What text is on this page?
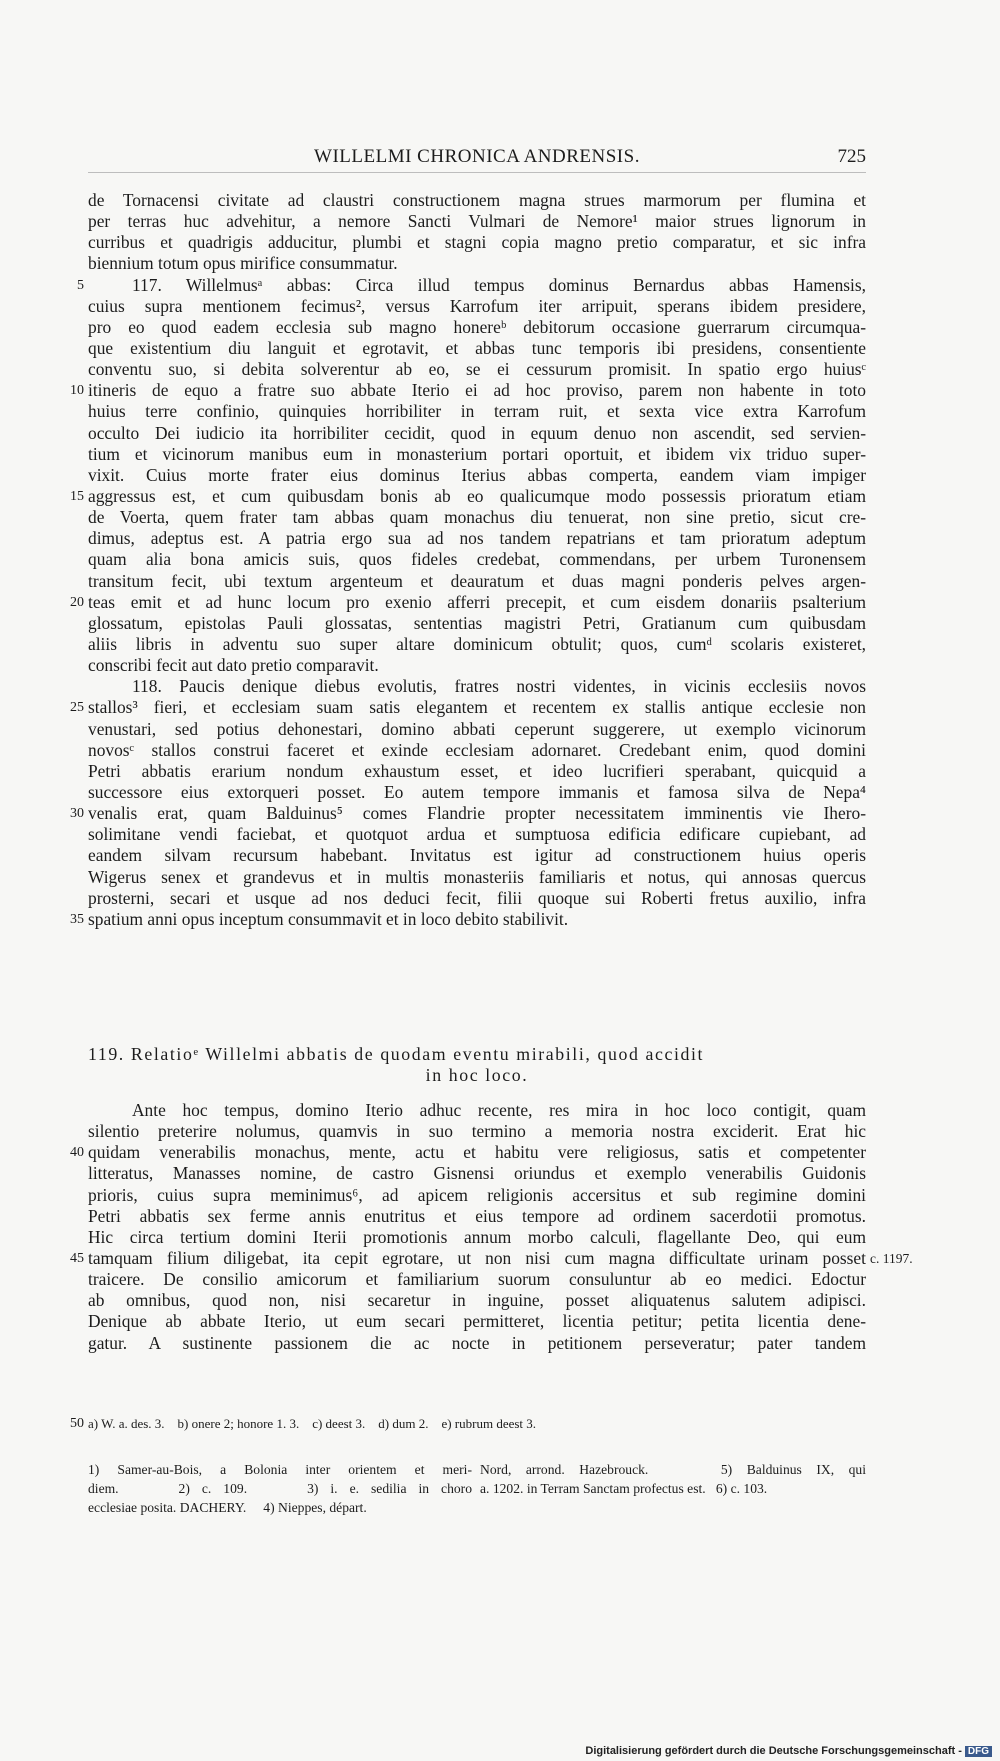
WILLELMI CHRONICA ANDRENSIS.	725
de Tornacensi civitate ad claustri constructionem magna strues marmorum per flumina et
per terras huc advehitur, a nemore Sancti Vulmari de Nemore¹ maior strues lignorum in
curribus et quadrigis adducitur, plumbi et stagni copia magno pretio comparatur, et sic infra
biennium totum opus mirifice consummatur.
5	117. Willelmusᵃ abbas: Circa illud tempus dominus Bernardus abbas Hamensis,
cuius supra mentionem fecimus², versus Karrofum iter arripuit, sperans ibidem presidere,
pro eo quod eadem ecclesia sub magno honereᵇ debitorum occasione guerrarum circumqua-
que existentium diu languit et egrotavit, et abbas tunc temporis ibi presidens, consentiente
conventu suo, si debita solverentur ab eo, se ei cessurum promisit. In spatio ergo huiusᶜ
10 itineris de equo a fratre suo abbate Iterio ei ad hoc proviso, parem non habente in toto
huius terre confinio, quinquies horribiliter in terram ruit, et sexta vice extra Karrofum
occulto Dei iudicio ita horribiliter cecidit, quod in equum denuo non ascendit, sed servien-
tium et vicinorum manibus eum in monasterium portari oportuit, et ibidem vix triduo super-
vixit. Cuius morte frater eius dominus Iterius abbas comperta, eandem viam impiger
15 aggressus est, et cum quibusdam bonis ab eo qualicumque modo possessis prioratum etiam
de Voerta, quem frater tam abbas quam monachus diu tenuerat, non sine pretio, sicut cre-
dimus, adeptus est. A patria ergo sua ad nos tandem repatrians et tam prioratum adeptum
quam alia bona amicis suis, quos fideles credebat, commendans, per urbem Turonensem
transitum fecit, ubi textum argenteum et deauratum et duas magni ponderis pelves argen-
20 teas emit et ad hunc locum pro exenio afferri precepit, et cum eisdem donariis psalterium
glossatum, epistolas Pauli glossatas, sententias magistri Petri, Gratianum cum quibusdam
aliis libris in adventu suo super altare dominicum obtulit; quos, cumᵈ scolaris existeret,
conscribi fecit aut dato pretio comparavit.
118. Paucis denique diebus evolutis, fratres nostri videntes, in vicinis ecclesiis novos
25 stallos³ fieri, et ecclesiam suam satis elegantem et recentem ex stallis antique ecclesie non
venustari, sed potius dehonestari, domino abbati ceperunt suggerere, ut exemplo vicinorum
novosᶜ stallos construi faceret et exinde ecclesiam adornaret. Credebant enim, quod domini
Petri abbatis erarium nondum exhaustum esset, et ideo lucrifieri sperabant, quicquid a
successore eius extorqueri posset. Eo autem tempore immanis et famosa silva de Nepa⁴
30 venalis erat, quam Balduinus⁵ comes Flandrie propter necessitatem imminentis vie Ihero-
solimitane vendi faciebat, et quotquot ardua et sumptuosa edificia edificare cupiebant, ad
eandem silvam recursum habebant. Invitatus est igitur ad constructionem huius operis
Wigerus senex et grandevus et in multis monasteriis familiaris et notus, qui annosas quercus
prosterni, secari et usque ad nos deduci fecit, filii quoque sui Roberti fretus auxilio, infra
35 spatium anni opus inceptum consummavit et in loco debito stabilivit.
119. Relatioᵉ Willelmi abbatis de quodam eventu mirabili, quod accidit
in hoc loco.
Ante hoc tempus, domino Iterio adhuc recente, res mira in hoc loco contigit, quam
silentio preterire nolumus, quamvis in suo termino a memoria nostra exciderit. Erat hic
40 quidam venerabilis monachus, mente, actu et habitu vere religiosus, satis et competenter
litteratus, Manasses nomine, de castro Gisnensi oriundus et exemplo venerabilis Guidonis
prioris, cuius supra meminimus⁶, ad apicem religionis accersitus et sub regimine domini
Petri abbatis sex ferme annis enutritus et eius tempore ad ordinem sacerdotii promotus.
Hic circa tertium domini Iterii promotionis annum morbo calculi, flagellante Deo, qui eum
45 tamquam filium diligebat, ita cepit egrotare, ut non nisi cum magna difficultate urinam posset c. 1197.
traicere. De consilio amicorum et familiarium suorum consuluntur ab eo medici. Edoctur
ab omnibus, quod non, nisi secaretur in inguine, posset aliquatenus salutem adipisci.
Denique ab abbate Iterio, ut eum secari permitteret, licentia petitur; petita licentia dene-
gatur. A sustinente passionem die ac nocte in petitionem perseveratur; pater tandem
50 a) W. a. des. 3.    b) onere 2; honore 1. 3.    c) deest 3.    d) dum 2.    e) rubrum deest 3.
1) Samer-au-Bois, a Bolonia inter orientem et meri-
diem.     2) c. 109.     3) i. e. sedilia in choro
ecclesiae posita. DACHERY.     4) Nieppes, départ.
Nord, arrond. Hazebrouck.     5) Balduinus IX, qui
a. 1202. in Terram Sanctam profectus est.   6) c. 103.
Digitalisierung gefördert durch die Deutsche Forschungsgemeinschaft - DFG
